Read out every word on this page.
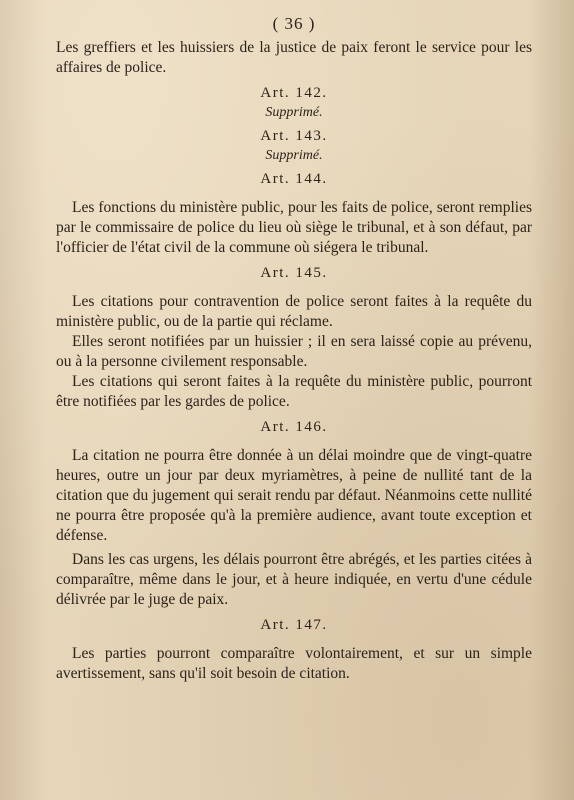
( 36 )

Les greffiers et les huissiers de la justice de paix feront le service pour les affaires de police.

Art. 142.
Supprimé.
Art. 143.
Supprimé.
Art. 144.

Les fonctions du ministère public, pour les faits de police, seront remplies par le commissaire de police du lieu où siège le tribunal, et à son défaut, par l'officier de l'état civil de la commune où siégera le tribunal.

Art. 145.

Les citations pour contravention de police seront faites à la requête du ministère public, ou de la partie qui réclame.

Elles seront notifiées par un huissier ; il en sera laissé copie au prévenu, ou à la personne civilement responsable.

Les citations qui seront faites à la requête du ministère public, pourront être notifiées par les gardes de police.

Art. 146.

La citation ne pourra être donnée à un délai moindre que de vingt-quatre heures, outre un jour par deux myriamètres, à peine de nullité tant de la citation que du jugement qui serait rendu par défaut. Néanmoins cette nullité ne pourra être proposée qu'à la première audience, avant toute exception et défense.

Dans les cas urgens, les délais pourront être abrégés, et les parties citées à comparaître, même dans le jour, et à heure indiquée, en vertu d'une cédule délivrée par le juge de paix.

Art. 147.

Les parties pourront comparaître volontairement, et sur un simple avertissement, sans qu'il soit besoin de citation.
